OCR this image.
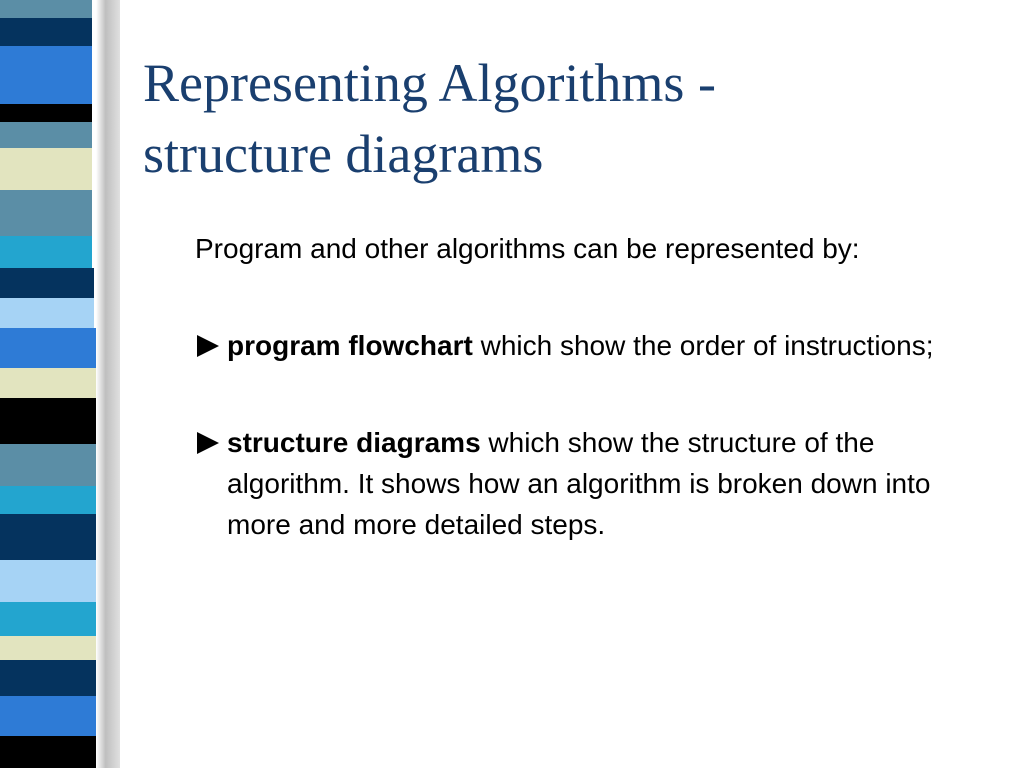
Representing Algorithms -
structure diagrams

Program and other algorithms can be represented by:

program flowchart which show the order of instructions;
structure diagrams which show the structure of the algorithm. It shows how an algorithm is broken down into more and more detailed steps.
